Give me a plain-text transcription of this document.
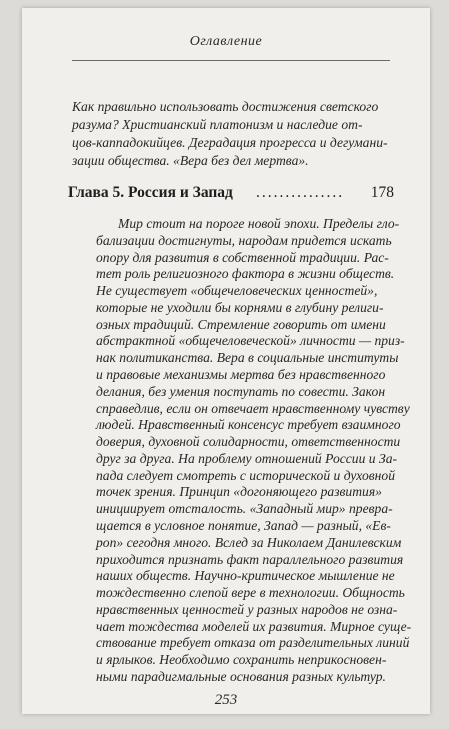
Оглавление
Как правильно использовать достижения светского
разума? Христианский платонизм и наследие от-
цов-каппадокийцев. Деградация прогресса и дегумани-
зации общества. «Вера без дел мертва».
Глава 5. Россия и Запад ............... 178
Мир стоит на пороге новой эпохи. Пределы гло-
бализации достигнуты, народам придется искать
опору для развития в собственной традиции. Рас-
тет роль религиозного фактора в жизни обществ.
Не существует «общечеловеческих ценностей»,
которые не уходили бы корнями в глубину религи-
озных традиций. Стремление говорить от имени
абстрактной «общечеловеческой» личности — приз-
нак политиканства. Вера в социальные институты
и правовые механизмы мертва без нравственного
делания, без умения поступать по совести. Закон
справедлив, если он отвечает нравственному чувству
людей. Нравственный консенсус требует взаимного
доверия, духовной солидарности, ответственности
друг за друга. На проблему отношений России и За-
пада следует смотреть с исторической и духовной
точек зрения. Принцип «догоняющего развития»
инициирует отсталость. «Западный мир» превра-
щается в условное понятие, Запад — разный, «Ев-
роп» сегодня много. Вслед за Николаем Данилевским
приходится признать факт параллельного развития
наших обществ. Научно-критическое мышление не
тождественно слепой вере в технологии. Общность
нравственных ценностей у разных народов не озна-
чает тождества моделей их развития. Мирное суще-
ствование требует отказа от разделительных линий
и ярлыков. Необходимо сохранить неприкосновен-
ными парадигмальные основания разных культур.
253
